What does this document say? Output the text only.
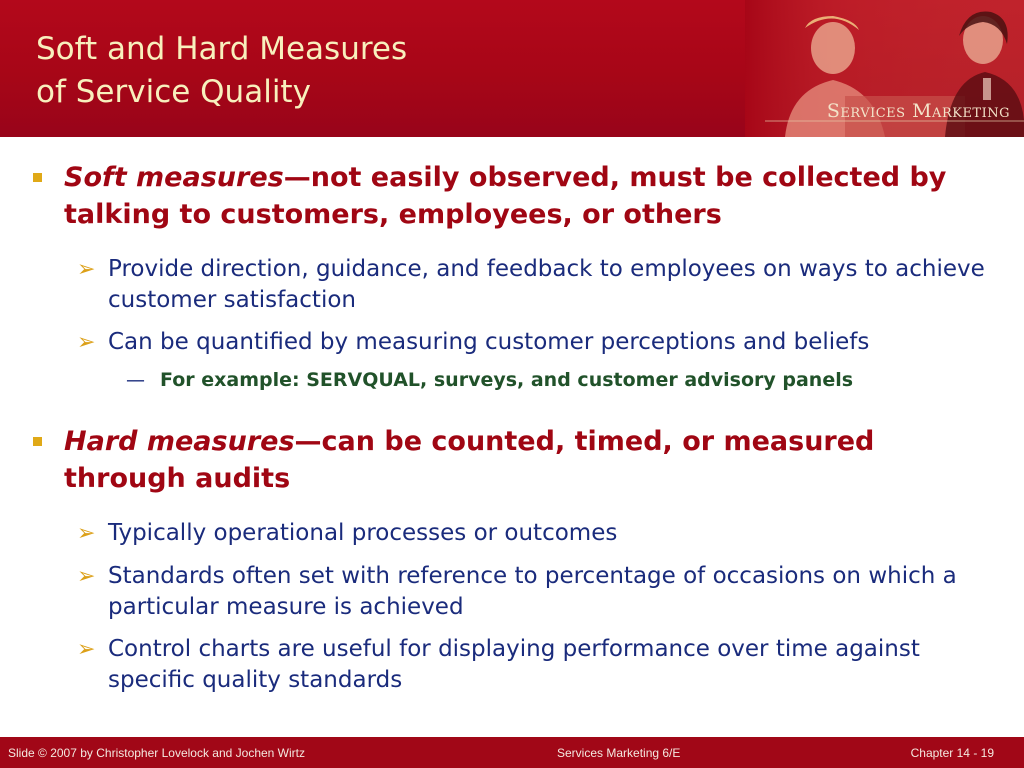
Soft and Hard Measures
of Service Quality
Services Marketing
Soft measures—not easily observed, must be collected by talking to customers, employees, or others
➢ Provide direction, guidance, and feedback to employees on ways to achieve customer satisfaction
➢ Can be quantified by measuring customer perceptions and beliefs
— For example: SERVQUAL, surveys, and customer advisory panels
Hard measures—can be counted, timed, or measured through audits
➢ Typically operational processes or outcomes
➢ Standards often set with reference to percentage of occasions on which a particular measure is achieved
➢ Control charts are useful for displaying performance over time against specific quality standards
Slide © 2007 by Christopher Lovelock and Jochen Wirtz	Services Marketing 6/E	Chapter 14 - 19
